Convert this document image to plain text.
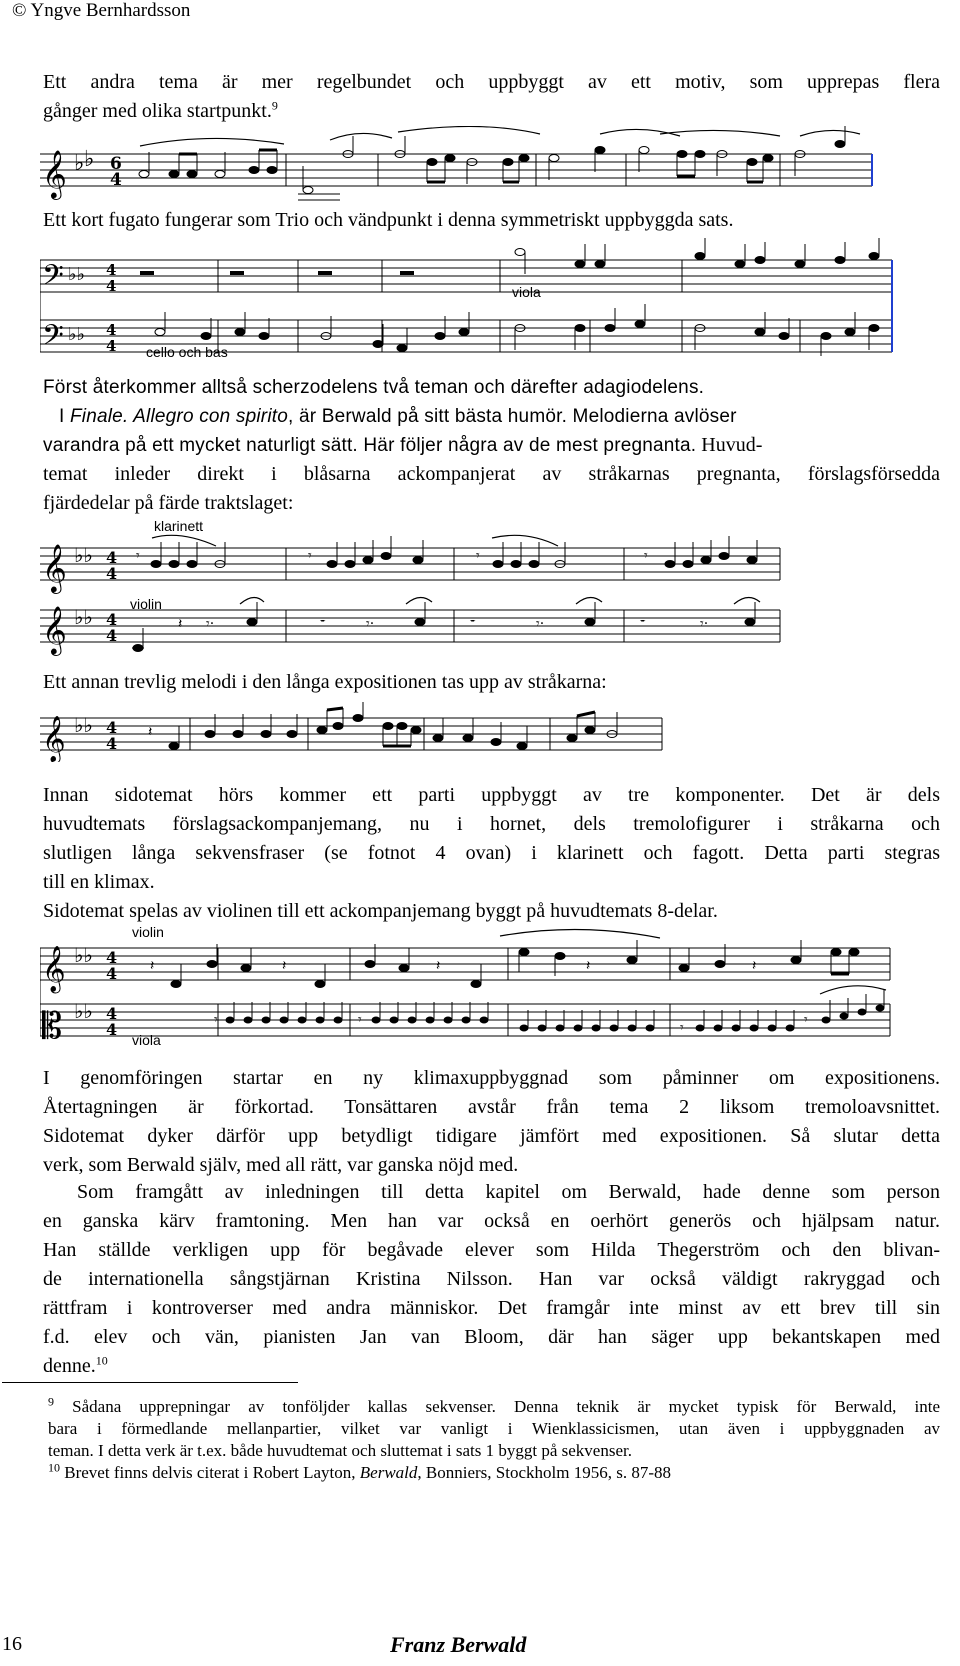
© Yngve Bernhardsson
Ett andra tema är mer regelbundet och uppbyggt av ett motiv, som upprepas flera
gånger med olika startpunkt.$^9$
𝄞 ♭ ♭ 6
4
Ett kort fugato fungerar som Trio och vändpunkt i denna symmetriskt uppbyggda sats.
𝄢
𝄢
♭♭
♭♭
4
4
4
4
viola
cello och bas
Först återkommer alltså scherzodelens två teman och därefter adagiodelens.
I Finale. Allegro con spirito, är Berwald på sitt bästa humör. Melodierna avlöser
varandra på ett mycket naturligt sätt. Här följer några av de mest pregnanta. Huvud-
temat inleder direkt i blåsarna ackompanjerat av stråkarnas pregnanta, förslagsförsedda
fjärdedelar på färde traktslaget:
𝄞
𝄞
♭♭
♭♭
4
4
4
4
𝄾	𝄾	𝄾	𝄾
𝄽	𝄻	𝄻	𝄻
𝄾·	𝄾·	𝄾·	𝄾·
klarinett
violin
Ett annan trevlig melodi i den långa expositionen tas upp av stråkarna:
𝄞 ♭♭ 4
4
𝄽
Innan sidotemat hörs kommer ett parti uppbyggt av tre komponenter. Det är dels
huvudtemats förslagsackompanjemang, nu i hornet, dels tremolofigurer i stråkarna och
slutligen långa sekvensfraser (se fotnot 4 ovan) i klarinett och fagott. Detta parti stegras
till en klimax.
Sidotemat spelas av violinen till ett ackompanjemang byggt på huvudtemats 8-delar.
𝄞
𝄡
♭♭
♭♭
4
4
4
4
𝄽	𝄽	𝄽	𝄽	𝄽
𝄾	𝄾	𝄾	𝄾
violin
viola
I genomföringen startar en ny klimaxuppbyggnad som påminner om expositionens.
Återtagningen är förkortad. Tonsättaren avstår från tema 2 liksom tremoloavsnittet.
Sidotemat dyker därför upp betydligt tidigare jämfört med expositionen. Så slutar detta
verk, som Berwald själv, med all rätt, var ganska nöjd med.
Som framgått av inledningen till detta kapitel om Berwald, hade denne som person
en ganska kärv framtoning. Men han var också en oerhört generös och hjälpsam natur.
Han ställde verkligen upp för begåvade elever som Hilda Thegerström och den blivan-
de internationella sångstjärnan Kristina Nilsson. Han var också väldigt rakryggad och
rättfram i kontroverser med andra människor. Det framgår inte minst av ett brev till sin
f.d. elev och vän, pianisten Jan van Bloom, där han säger upp bekantskapen med
denne.$^{10}$
$^9$ Sådana upprepningar av tonföljder kallas sekvenser. Denna teknik är mycket typisk för Berwald, inte
bara i förmedlande mellanpartier, vilket var vanligt i Wienklassicismen, utan även i uppbyggnaden av
teman. I detta verk är t.ex. både huvudtemat och sluttemat i sats 1 byggt på sekvenser.
$^{10}$ Brevet finns delvis citerat i Robert Layton, Berwald, Bonniers, Stockholm 1956, s. 87-88
16	Franz Berwald
